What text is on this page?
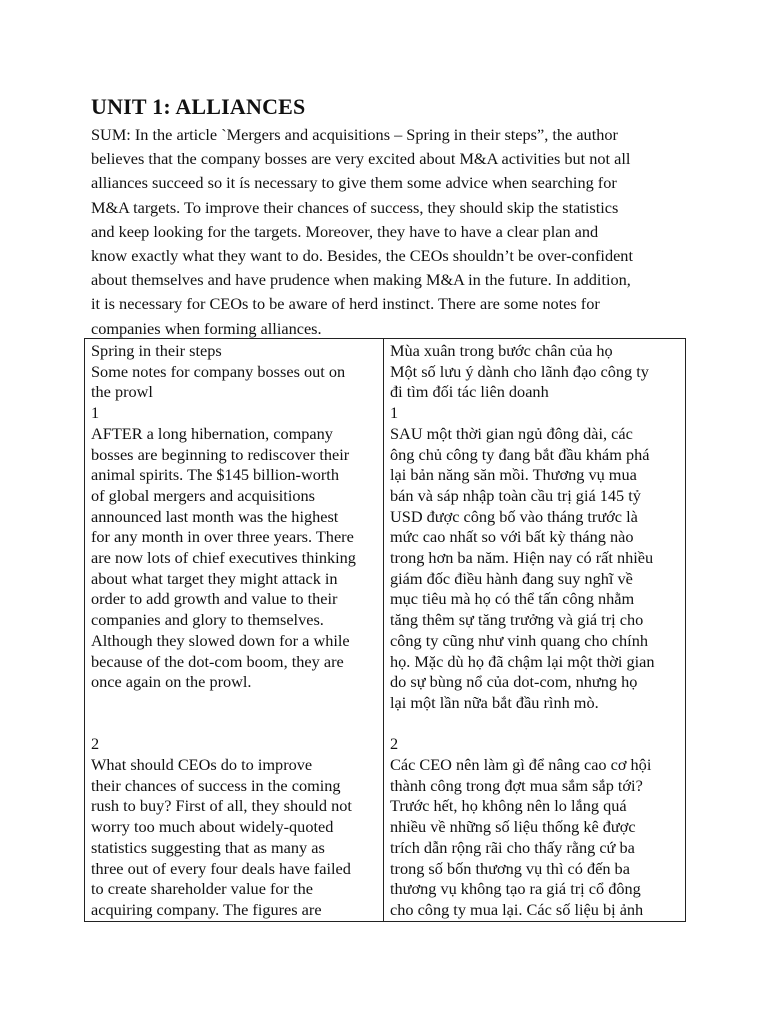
UNIT 1: ALLIANCES
SUM: In the article `Mergers and acquisitions – Spring in their steps”, the author
believes that the company bosses are very excited about M&A activities but not all
alliances succeed so it ís necessary to give them some advice when searching for
M&A targets. To improve their chances of success, they should skip the statistics
and keep looking for the targets. Moreover, they have to have a clear plan and
know exactly what they want to do. Besides, the CEOs shouldn’t be over-confident
about themselves and have prudence when making M&A in the future. In addition,
it is necessary for CEOs to be aware of herd instinct. There are some notes for
companies when forming alliances.
Spring in their steps
Some notes for company bosses out on
the prowl
1
AFTER a long hibernation, company
bosses are beginning to rediscover their
animal spirits. The $145 billion-worth
of global mergers and acquisitions
announced last month was the highest
for any month in over three years. There
are now lots of chief executives thinking
about what target they might attack in
order to add growth and value to their
companies and glory to themselves.
Although they slowed down for a while
because of the dot-com boom, they are
once again on the prowl.
2
What should CEOs do to improve
their chances of success in the coming
rush to buy? First of all, they should not
worry too much about widely-quoted
statistics suggesting that as many as
three out of every four deals have failed
to create shareholder value for the
acquiring company. The figures are
Mùa xuân trong bước chân của họ
Một số lưu ý dành cho lãnh đạo công ty
đi tìm đối tác liên doanh
1
SAU một thời gian ngủ đông dài, các
ông chủ công ty đang bắt đầu khám phá
lại bản năng săn mồi. Thương vụ mua
bán và sáp nhập toàn cầu trị giá 145 tỷ
USD được công bố vào tháng trước là
mức cao nhất so với bất kỳ tháng nào
trong hơn ba năm. Hiện nay có rất nhiều
giám đốc điều hành đang suy nghĩ về
mục tiêu mà họ có thể tấn công nhằm
tăng thêm sự tăng trưởng và giá trị cho
công ty cũng như vinh quang cho chính
họ. Mặc dù họ đã chậm lại một thời gian
do sự bùng nổ của dot-com, nhưng họ
lại một lần nữa bắt đầu rình mò.
2
Các CEO nên làm gì để nâng cao cơ hội
thành công trong đợt mua sắm sắp tới?
Trước hết, họ không nên lo lắng quá
nhiều về những số liệu thống kê được
trích dẫn rộng rãi cho thấy rằng cứ ba
trong số bốn thương vụ thì có đến ba
thương vụ không tạo ra giá trị cổ đông
cho công ty mua lại. Các số liệu bị ảnh
